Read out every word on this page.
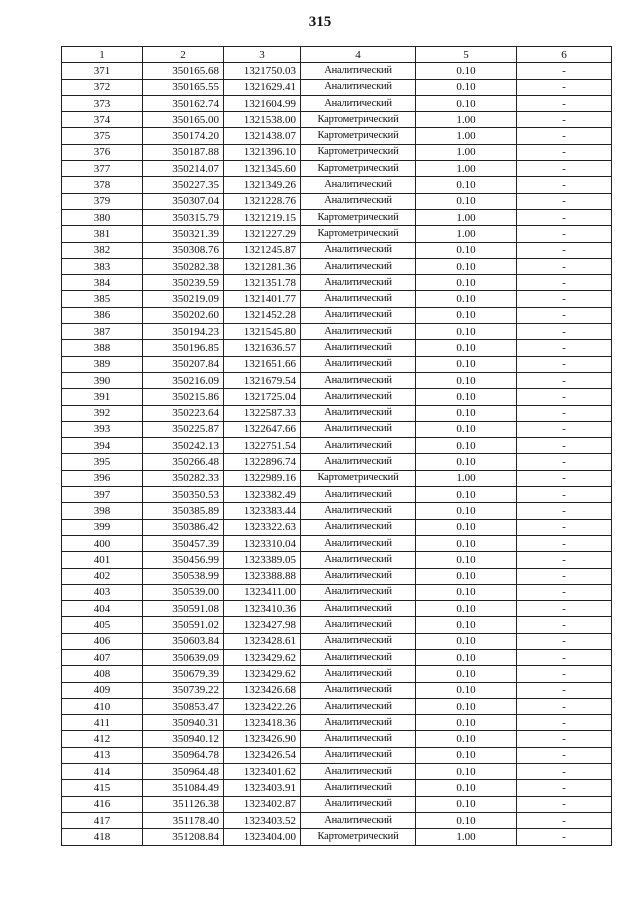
315
1	2	3	4	5	6
371	350165.68	1321750.03	Аналитический	0.10	-
372	350165.55	1321629.41	Аналитический	0.10	-
373	350162.74	1321604.99	Аналитический	0.10	-
374	350165.00	1321538.00	Картометрический	1.00	-
375	350174.20	1321438.07	Картометрический	1.00	-
376	350187.88	1321396.10	Картометрический	1.00	-
377	350214.07	1321345.60	Картометрический	1.00	-
378	350227.35	1321349.26	Аналитический	0.10	-
379	350307.04	1321228.76	Аналитический	0.10	-
380	350315.79	1321219.15	Картометрический	1.00	-
381	350321.39	1321227.29	Картометрический	1.00	-
382	350308.76	1321245.87	Аналитический	0.10	-
383	350282.38	1321281.36	Аналитический	0.10	-
384	350239.59	1321351.78	Аналитический	0.10	-
385	350219.09	1321401.77	Аналитический	0.10	-
386	350202.60	1321452.28	Аналитический	0.10	-
387	350194.23	1321545.80	Аналитический	0.10	-
388	350196.85	1321636.57	Аналитический	0.10	-
389	350207.84	1321651.66	Аналитический	0.10	-
390	350216.09	1321679.54	Аналитический	0.10	-
391	350215.86	1321725.04	Аналитический	0.10	-
392	350223.64	1322587.33	Аналитический	0.10	-
393	350225.87	1322647.66	Аналитический	0.10	-
394	350242.13	1322751.54	Аналитический	0.10	-
395	350266.48	1322896.74	Аналитический	0.10	-
396	350282.33	1322989.16	Картометрический	1.00	-
397	350350.53	1323382.49	Аналитический	0.10	-
398	350385.89	1323383.44	Аналитический	0.10	-
399	350386.42	1323322.63	Аналитический	0.10	-
400	350457.39	1323310.04	Аналитический	0.10	-
401	350456.99	1323389.05	Аналитический	0.10	-
402	350538.99	1323388.88	Аналитический	0.10	-
403	350539.00	1323411.00	Аналитический	0.10	-
404	350591.08	1323410.36	Аналитический	0.10	-
405	350591.02	1323427.98	Аналитический	0.10	-
406	350603.84	1323428.61	Аналитический	0.10	-
407	350639.09	1323429.62	Аналитический	0.10	-
408	350679.39	1323429.62	Аналитический	0.10	-
409	350739.22	1323426.68	Аналитический	0.10	-
410	350853.47	1323422.26	Аналитический	0.10	-
411	350940.31	1323418.36	Аналитический	0.10	-
412	350940.12	1323426.90	Аналитический	0.10	-
413	350964.78	1323426.54	Аналитический	0.10	-
414	350964.48	1323401.62	Аналитический	0.10	-
415	351084.49	1323403.91	Аналитический	0.10	-
416	351126.38	1323402.87	Аналитический	0.10	-
417	351178.40	1323403.52	Аналитический	0.10	-
418	351208.84	1323404.00	Картометрический	1.00	-
